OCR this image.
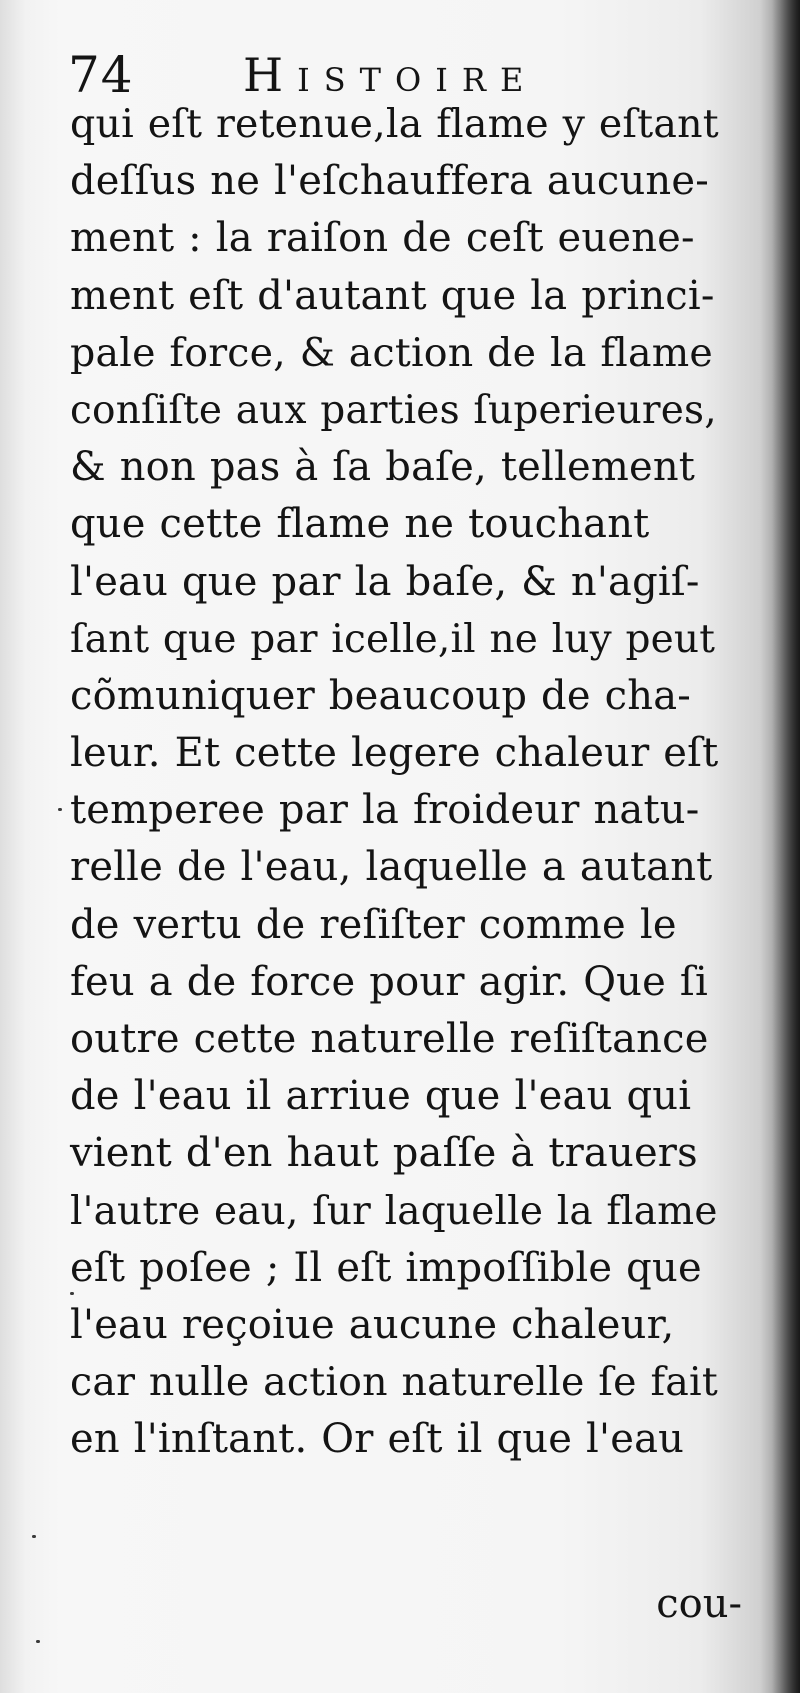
74 Histoire
qui eſt retenue,la flame y eſtant
deſſus ne l'eſchauffera aucune-
ment : la raiſon de ceſt euene-
ment eſt d'autant que la princi-
pale force, & action de la flame
conſiſte aux parties ſuperieures,
& non pas à ſa baſe, tellement
que cette flame ne touchant
l'eau que par la baſe, & n'agiſ-
ſant que par icelle,il ne luy peut
cõmuniquer beaucoup de cha-
leur. Et cette legere chaleur eſt
temperee par la froideur natu-
relle de l'eau, laquelle a autant
de vertu de reſiſter comme le
feu a de force pour agir. Que ſi
outre cette naturelle reſiſtance
de l'eau il arriue que l'eau qui
vient d'en haut paſſe à trauers
l'autre eau, ſur laquelle la flame
eſt poſee ; Il eſt impoſſible que
l'eau reçoiue aucune chaleur,
car nulle action naturelle ſe fait
en l'inſtant. Or eſt il que l'eau
cou-
